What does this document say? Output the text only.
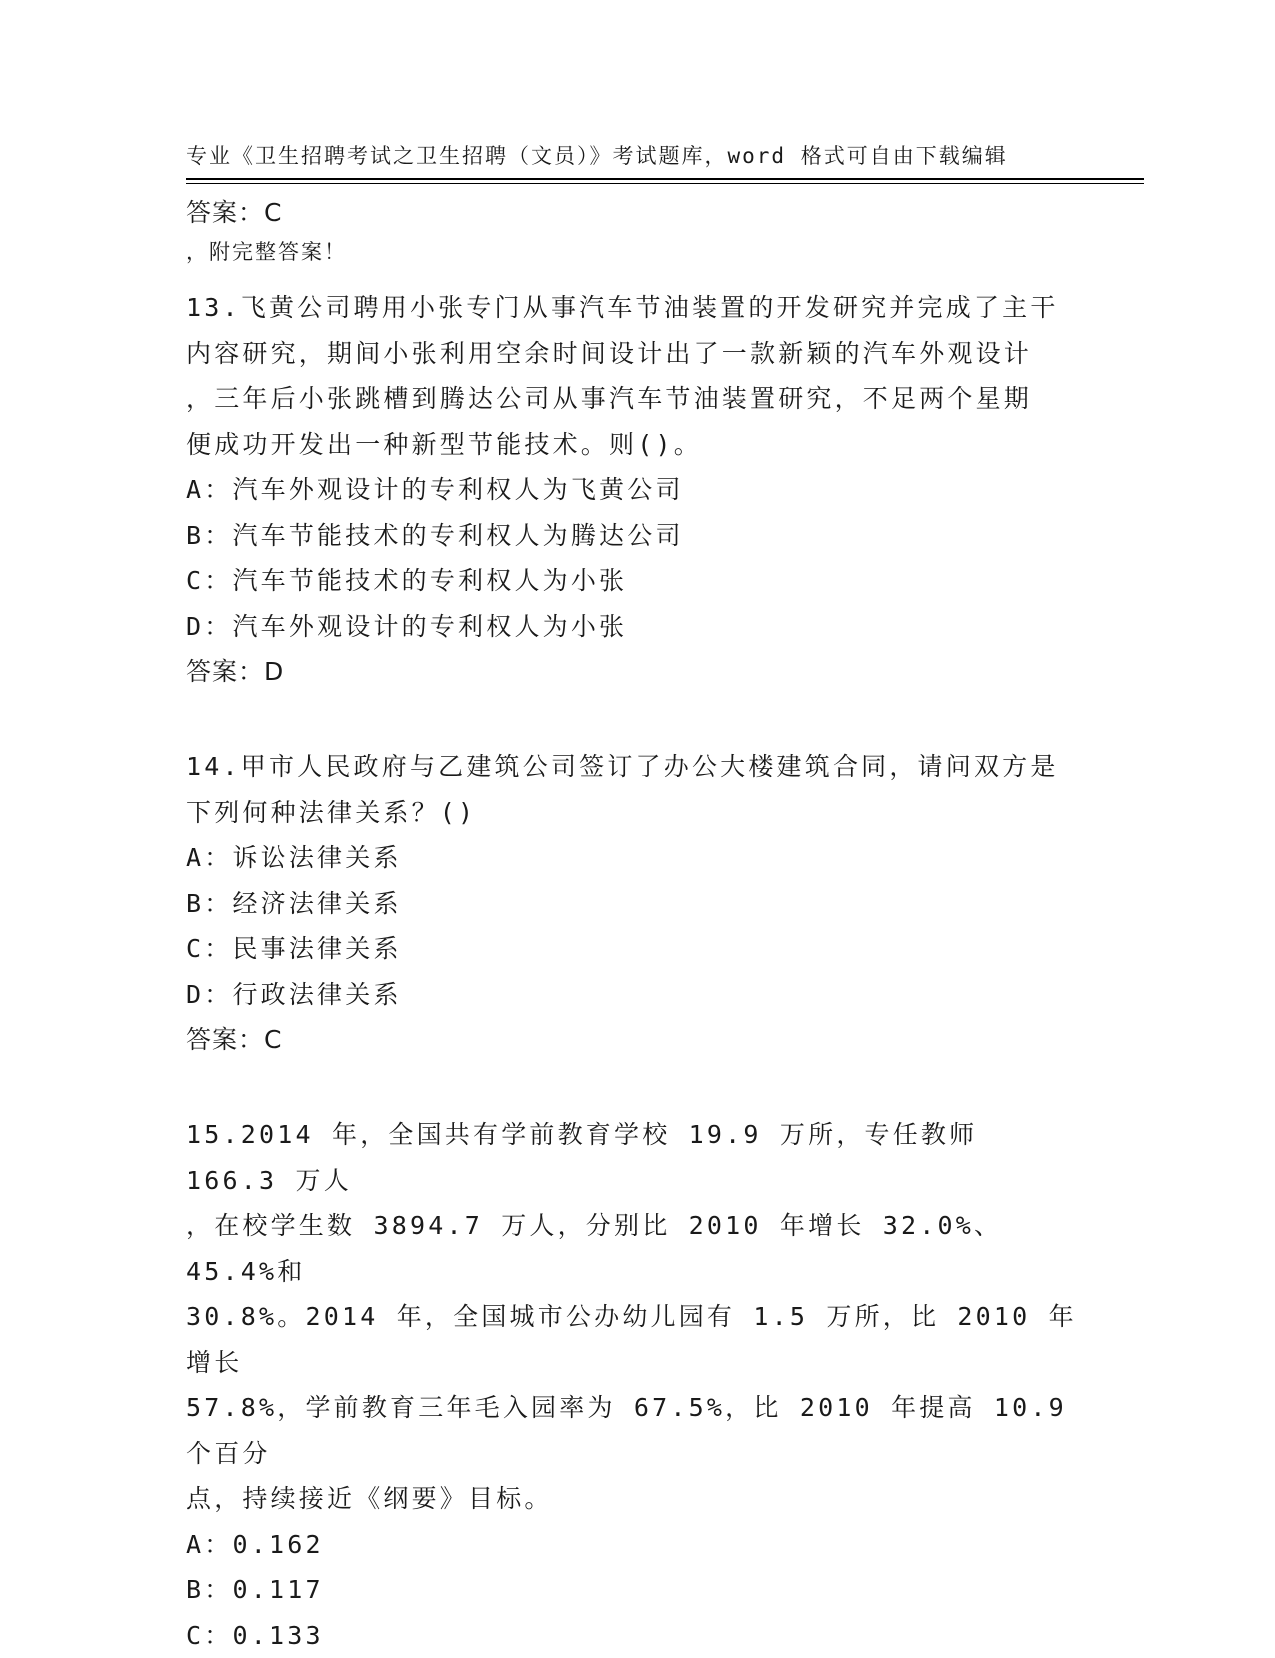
专业《卫生招聘考试之卫生招聘（文员）》考试题库，word 格式可自由下载编辑

，附完整答案！

答案：C
13.飞黄公司聘用小张专门从事汽车节油装置的开发研究并完成了主干
内容研究，期间小张利用空余时间设计出了一款新颖的汽车外观设计
，三年后小张跳槽到腾达公司从事汽车节油装置研究，不足两个星期
便成功开发出一种新型节能技术。则()。
A：汽车外观设计的专利权人为飞黄公司
B：汽车节能技术的专利权人为腾达公司
C：汽车节能技术的专利权人为小张
D：汽车外观设计的专利权人为小张
答案：D
14.甲市人民政府与乙建筑公司签订了办公大楼建筑合同，请问双方是
下列何种法律关系？()
A：诉讼法律关系
B：经济法律关系
C：民事法律关系
D：行政法律关系
答案：C
15.2014 年，全国共有学前教育学校 19.9 万所，专任教师 166.3 万人
，在校学生数 3894.7 万人，分别比 2010 年增长 32.0%、45.4%和
30.8%。2014 年，全国城市公办幼儿园有 1.5 万所，比 2010 年增长
57.8%，学前教育三年毛入园率为 67.5%，比 2010 年提高 10.9 个百分
点，持续接近《纲要》目标。
A：0.162
B：0.117
C：0.133
